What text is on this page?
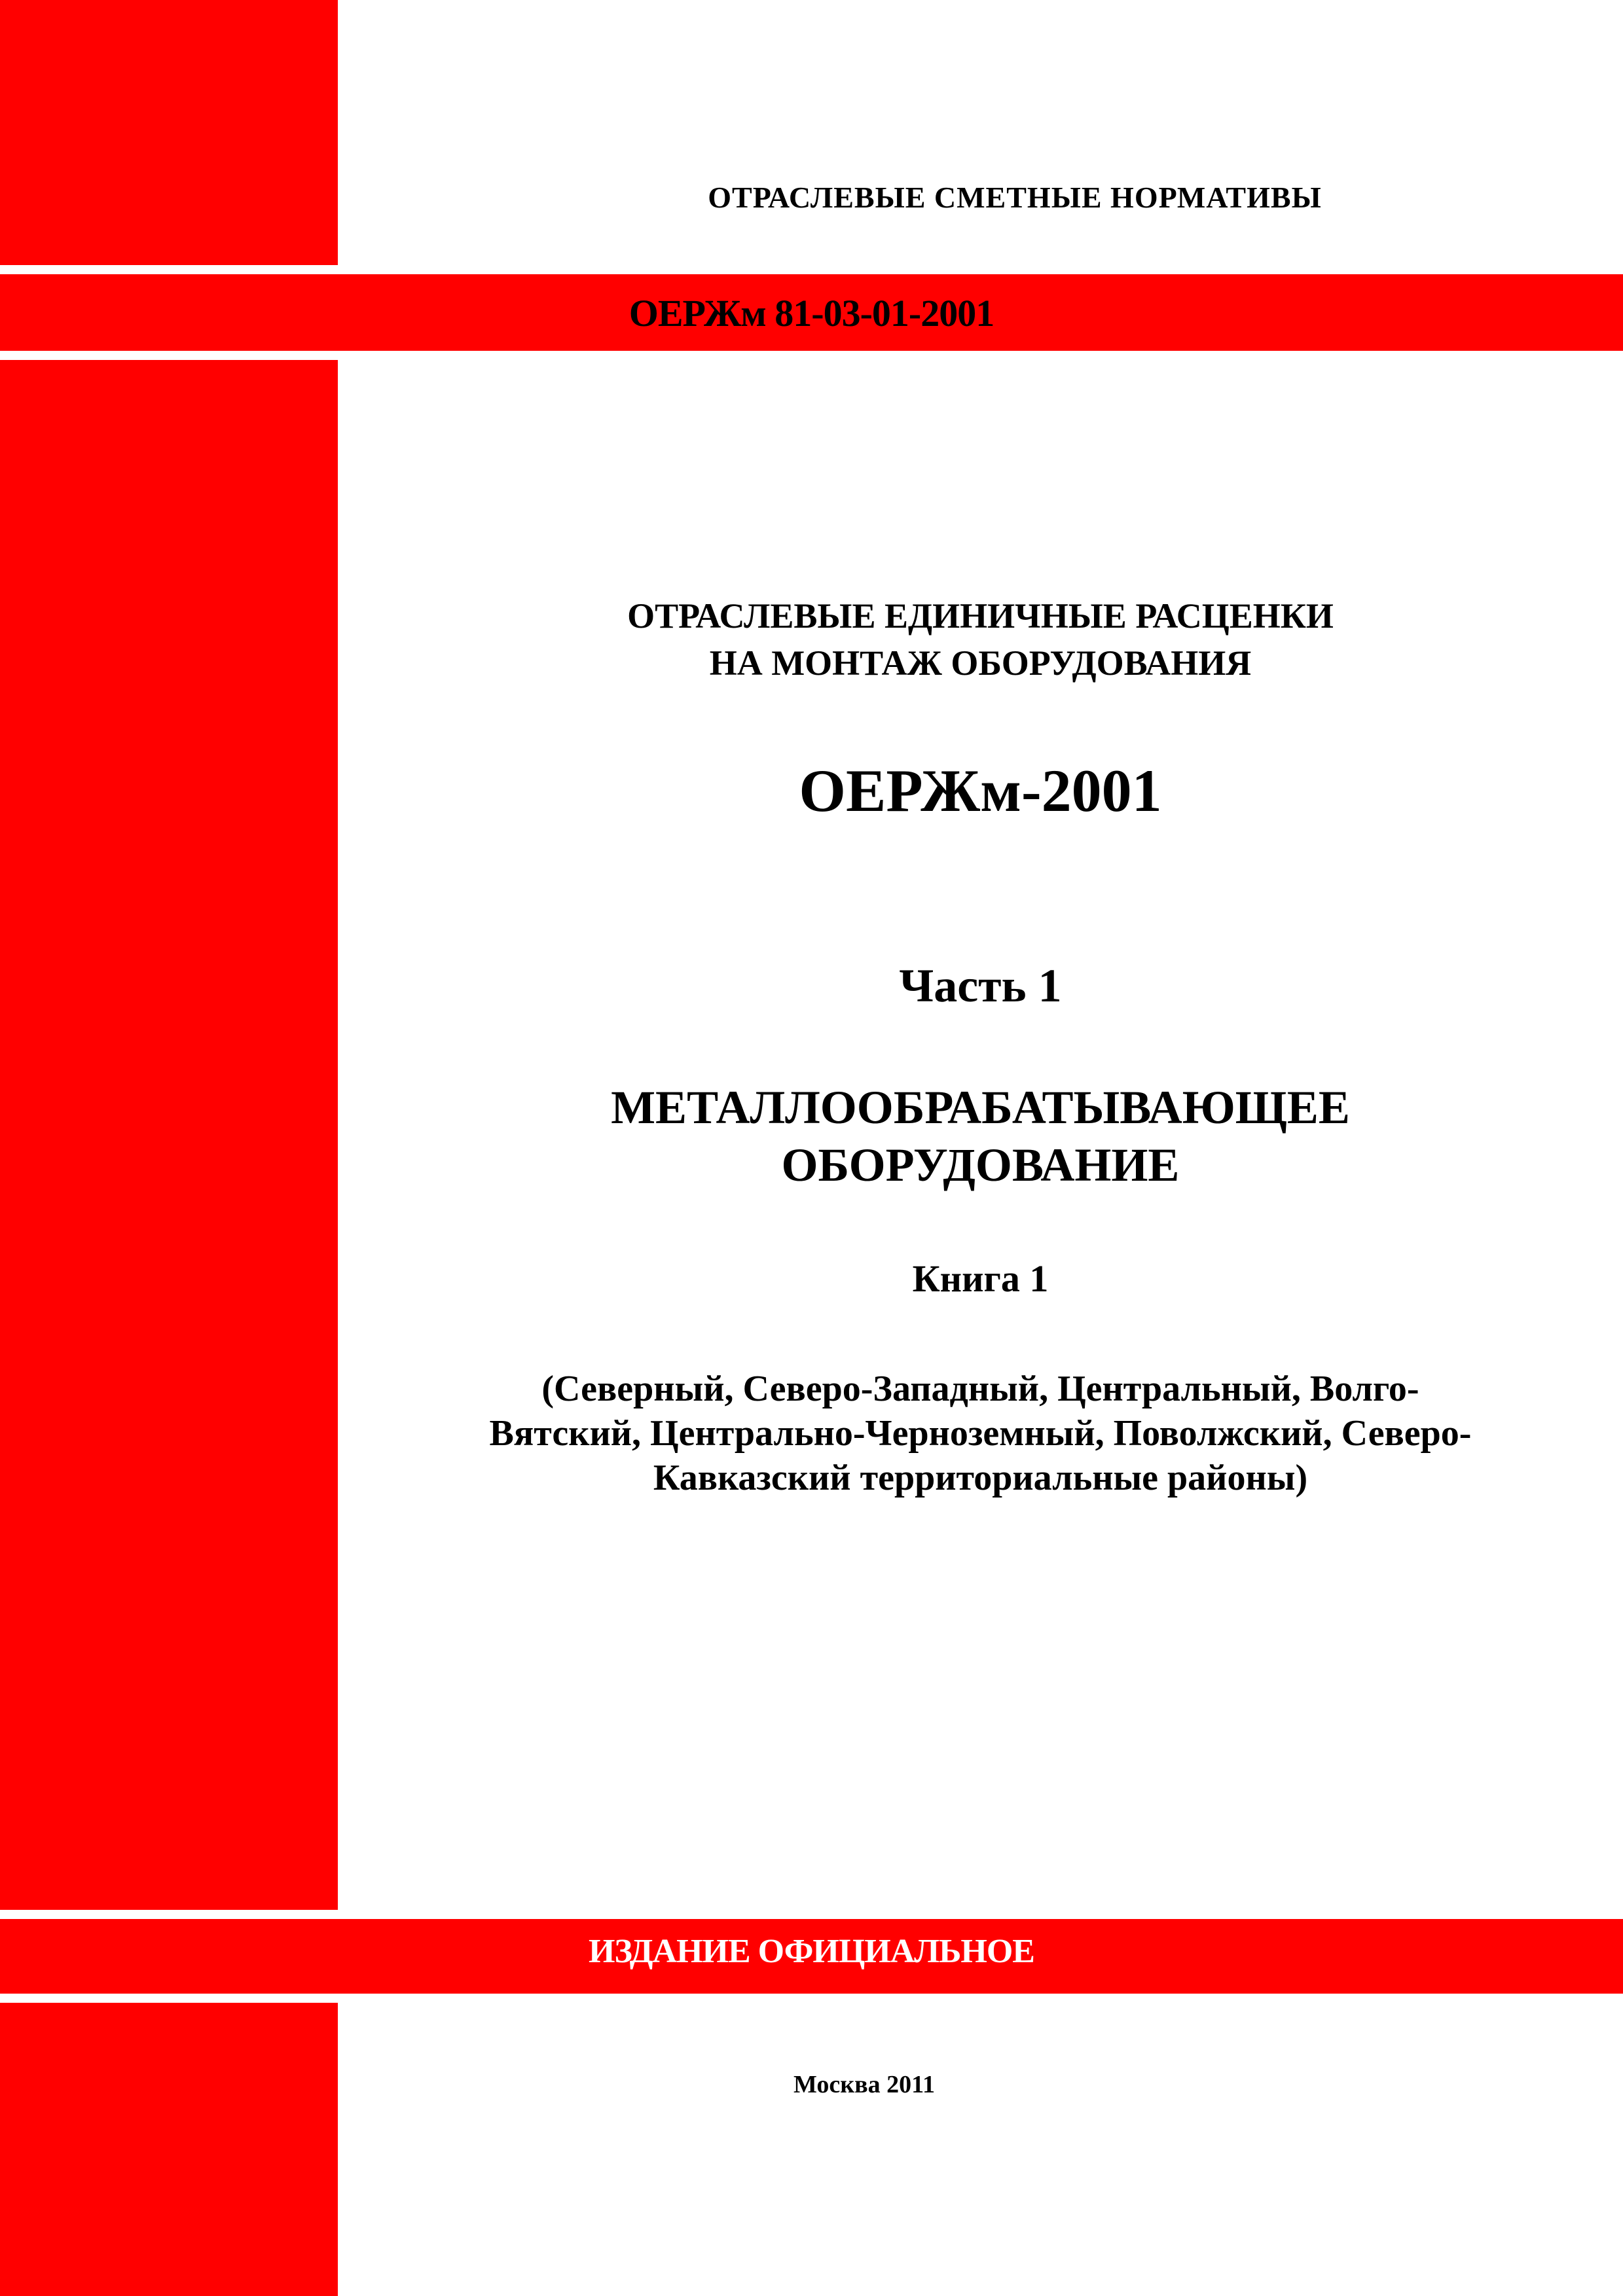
ОТРАСЛЕВЫЕ СМЕТНЫЕ НОРМАТИВЫ
ОЕРЖм 81-03-01-2001
ОТРАСЛЕВЫЕ ЕДИНИЧНЫЕ РАСЦЕНКИ
НА МОНТАЖ ОБОРУДОВАНИЯ
ОЕРЖм-2001
Часть 1
МЕТАЛЛООБРАБАТЫВАЮЩЕЕ
ОБОРУДОВАНИЕ
Книга 1
(Северный, Северо-Западный, Центральный, Волго-
Вятский, Центрально-Черноземный, Поволжский, Северо-
Кавказский территориальные районы)
ИЗДАНИЕ ОФИЦИАЛЬНОЕ
Москва 2011
